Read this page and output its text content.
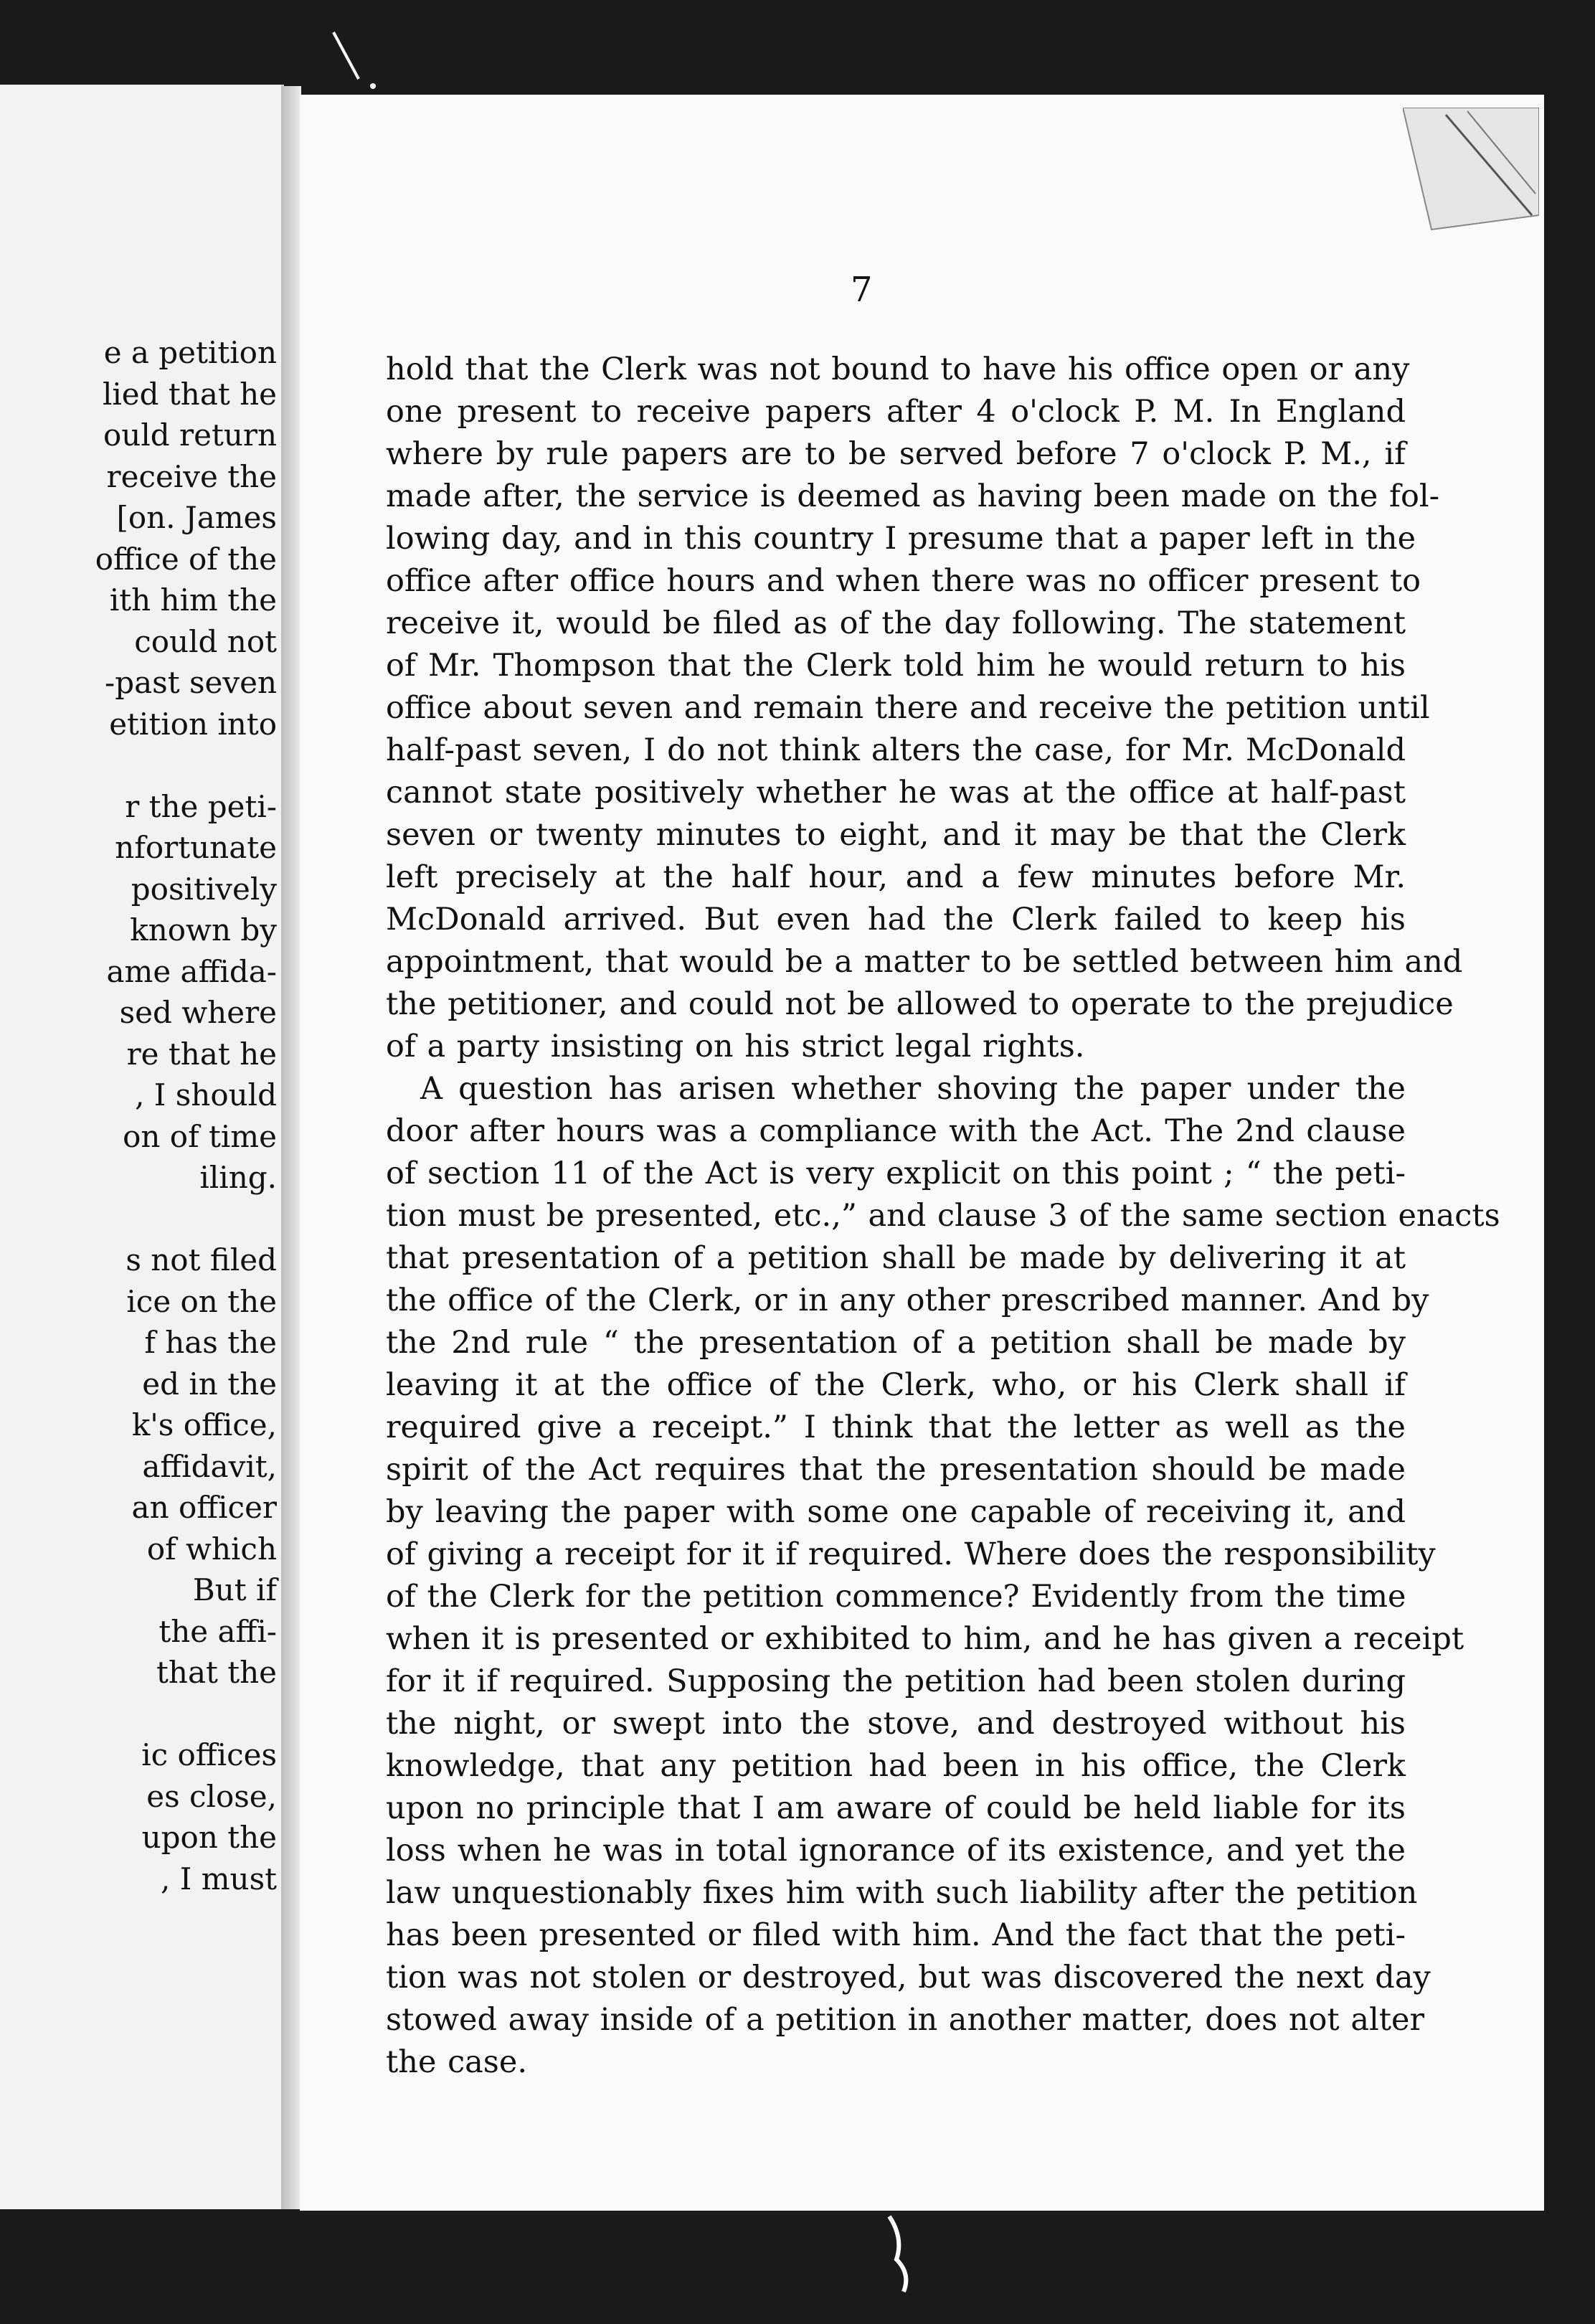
e a petition
lied that he
ould return
receive the
[on. James
office of the
ith him the
could not
-past seven
etition into
r the peti-
nfortunate
positively
known by
ame affida-
sed where
re that he
, I should
on of time
iling.
s not filed
ice on the
f has the
ed in the
k's office,
affidavit,
an officer
of which
But if
the affi-
that the
ic offices
es close,
upon the
, I must
7
hold that the Clerk was not bound to have his office open or any
one present to receive papers after 4 o'clock P. M. In England
where by rule papers are to be served before 7 o'clock P. M., if
made after, the service is deemed as having been made on the fol-
lowing day, and in this country I presume that a paper left in the
office after office hours and when there was no officer present to
receive it, would be filed as of the day following. The statement
of Mr. Thompson that the Clerk told him he would return to his
office about seven and remain there and receive the petition until
half-past seven, I do not think alters the case, for Mr. McDonald
cannot state positively whether he was at the office at half-past
seven or twenty minutes to eight, and it may be that the Clerk
left precisely at the half hour, and a few minutes before Mr.
McDonald arrived. But even had the Clerk failed to keep his
appointment, that would be a matter to be settled between him and
the petitioner, and could not be allowed to operate to the prejudice
of a party insisting on his strict legal rights.
A question has arisen whether shoving the paper under the
door after hours was a compliance with the Act. The 2nd clause
of section 11 of the Act is very explicit on this point ; “ the peti-
tion must be presented, etc.,” and clause 3 of the same section enacts
that presentation of a petition shall be made by delivering it at
the office of the Clerk, or in any other prescribed manner. And by
the 2nd rule “ the presentation of a petition shall be made by
leaving it at the office of the Clerk, who, or his Clerk shall if
required give a receipt.” I think that the letter as well as the
spirit of the Act requires that the presentation should be made
by leaving the paper with some one capable of receiving it, and
of giving a receipt for it if required. Where does the responsibility
of the Clerk for the petition commence? Evidently from the time
when it is presented or exhibited to him, and he has given a receipt
for it if required. Supposing the petition had been stolen during
the night, or swept into the stove, and destroyed without his
knowledge, that any petition had been in his office, the Clerk
upon no principle that I am aware of could be held liable for its
loss when he was in total ignorance of its existence, and yet the
law unquestionably fixes him with such liability after the petition
has been presented or filed with him. And the fact that the peti-
tion was not stolen or destroyed, but was discovered the next day
stowed away inside of a petition in another matter, does not alter
the case.
